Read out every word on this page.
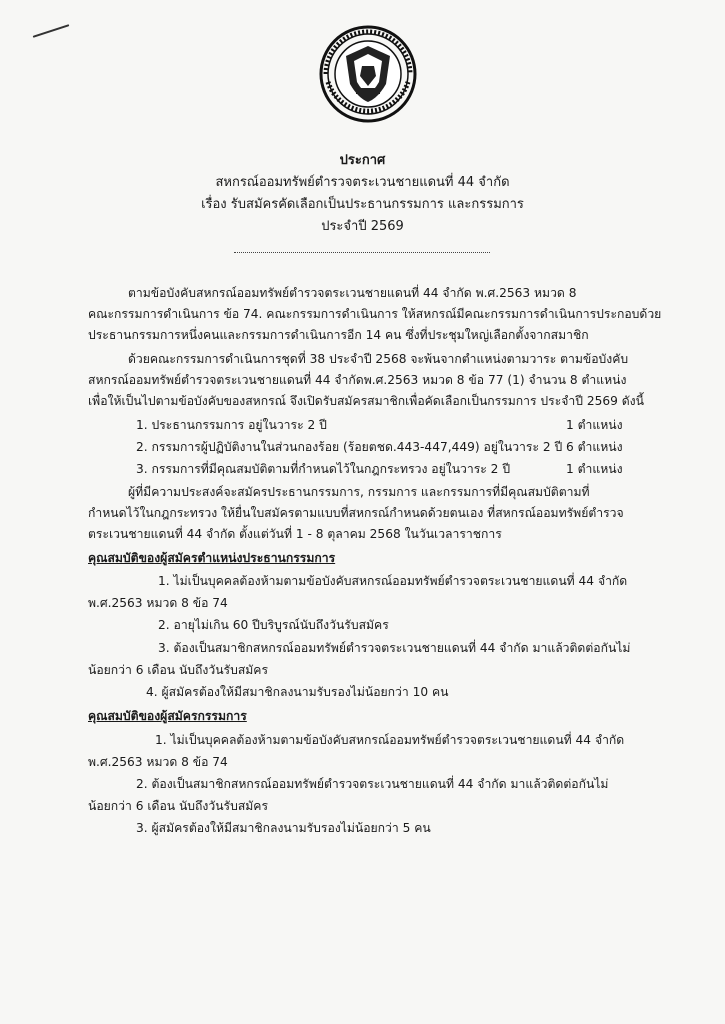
ประกาศ
สหกรณ์ออมทรัพย์ตำรวจตระเวนชายแดนที่ 44 จำกัด
เรื่อง รับสมัครคัดเลือกเป็นประธานกรรมการ และกรรมการ
ประจำปี 2569
ตามข้อบังคับสหกรณ์ออมทรัพย์ตำรวจตระเวนชายแดนที่ 44 จำกัด พ.ศ.2563 หมวด 8
คณะกรรมการดำเนินการ ข้อ 74. คณะกรรมการดำเนินการ ให้สหกรณ์มีคณะกรรมการดำเนินการประกอบด้วย
ประธานกรรมการหนึ่งคนและกรรมการดำเนินการอีก 14 คน ซึ่งที่ประชุมใหญ่เลือกตั้งจากสมาชิก
ด้วยคณะกรรมการดำเนินการชุดที่ 38 ประจำปี 2568 จะพ้นจากตำแหน่งตามวาระ ตามข้อบังคับ
สหกรณ์ออมทรัพย์ตำรวจตระเวนชายแดนที่ 44 จำกัดพ.ศ.2563 หมวด 8 ข้อ 77 (1) จำนวน 8 ตำแหน่ง
เพื่อให้เป็นไปตามข้อบังคับของสหกรณ์ จึงเปิดรับสมัครสมาชิกเพื่อคัดเลือกเป็นกรรมการ ประจำปี 2569 ดังนี้
1. ประธานกรรมการ อยู่ในวาระ 2 ปี	1 ตำแหน่ง
2. กรรมการผู้ปฏิบัติงานในส่วนกองร้อย (ร้อยตชด.443-447,449) อยู่ในวาระ 2 ปี 6 ตำแหน่ง
3. กรรมการที่มีคุณสมบัติตามที่กำหนดไว้ในกฎกระทรวง อยู่ในวาระ 2 ปี	1 ตำแหน่ง
ผู้ที่มีความประสงค์จะสมัครประธานกรรมการ, กรรมการ และกรรมการที่มีคุณสมบัติตามที่
กำหนดไว้ในกฎกระทรวง ให้ยื่นใบสมัครตามแบบที่สหกรณ์กำหนดด้วยตนเอง ที่สหกรณ์ออมทรัพย์ตำรวจ
ตระเวนชายแดนที่ 44 จำกัด ตั้งแต่วันที่ 1 - 8 ตุลาคม 2568 ในวันเวลาราชการ
คุณสมบัติของผู้สมัครตำแหน่งประธานกรรมการ
1. ไม่เป็นบุคคลต้องห้ามตามข้อบังคับสหกรณ์ออมทรัพย์ตำรวจตระเวนชายแดนที่ 44 จำกัด
พ.ศ.2563 หมวด 8 ข้อ 74
2. อายุไม่เกิน 60 ปีบริบูรณ์นับถึงวันรับสมัคร
3. ต้องเป็นสมาชิกสหกรณ์ออมทรัพย์ตำรวจตระเวนชายแดนที่ 44 จำกัด มาแล้วติดต่อกันไม่
น้อยกว่า 6 เดือน นับถึงวันรับสมัคร
4. ผู้สมัครต้องให้มีสมาชิกลงนามรับรองไม่น้อยกว่า 10 คน
คุณสมบัติของผู้สมัครกรรมการ
1. ไม่เป็นบุคคลต้องห้ามตามข้อบังคับสหกรณ์ออมทรัพย์ตำรวจตระเวนชายแดนที่ 44 จำกัด
พ.ศ.2563 หมวด 8 ข้อ 74
2. ต้องเป็นสมาชิกสหกรณ์ออมทรัพย์ตำรวจตระเวนชายแดนที่ 44 จำกัด มาแล้วติดต่อกันไม่
น้อยกว่า 6 เดือน นับถึงวันรับสมัคร
3. ผู้สมัครต้องให้มีสมาชิกลงนามรับรองไม่น้อยกว่า 5 คน
